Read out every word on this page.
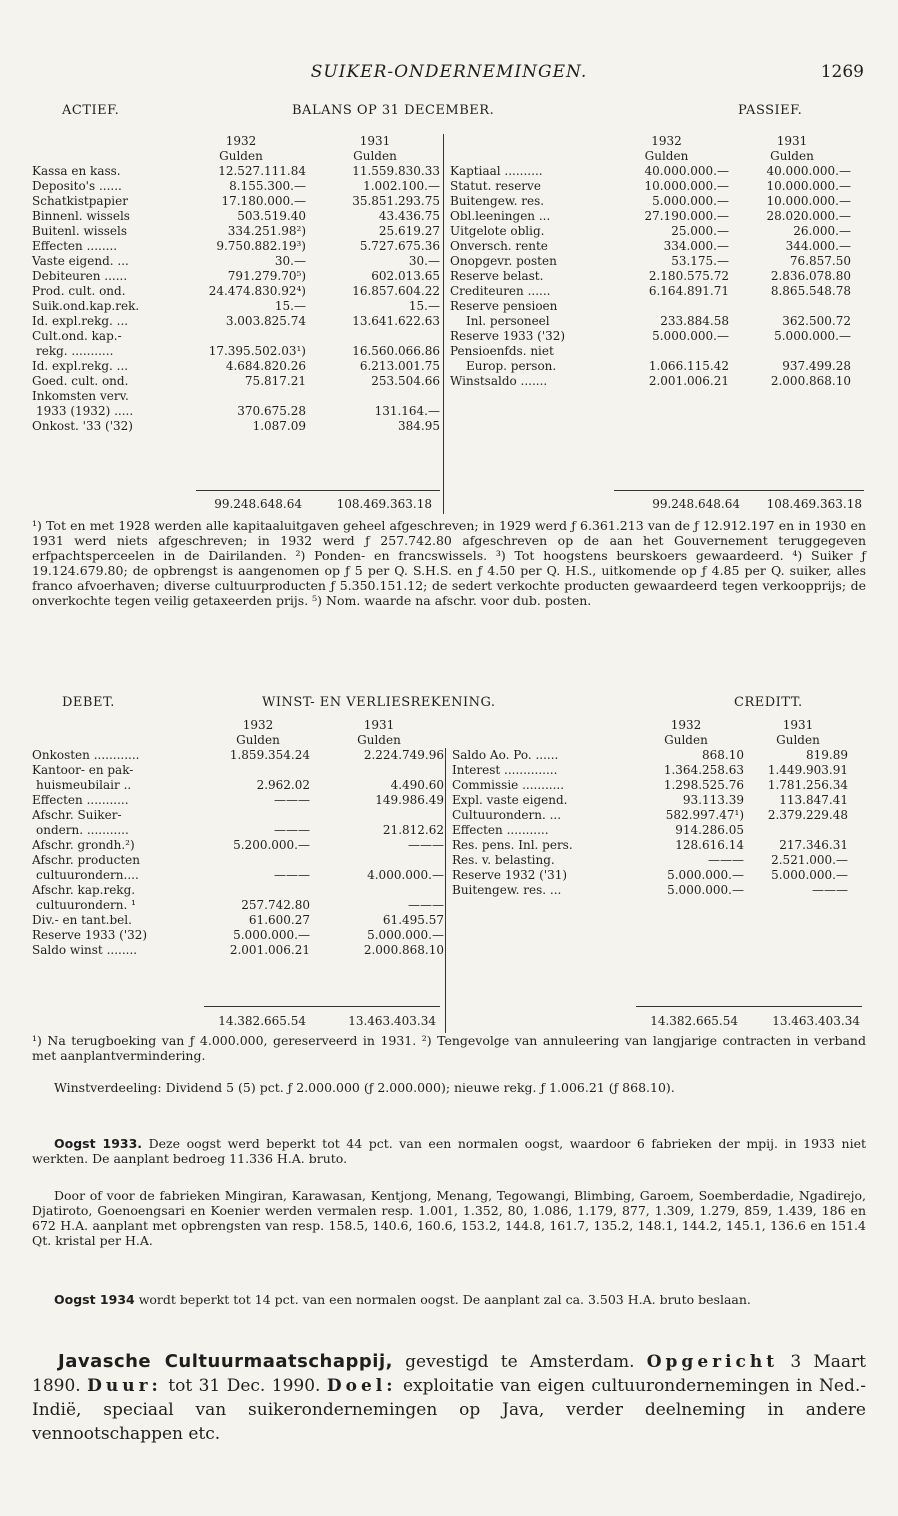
SUIKER-ONDERNEMINGEN.	1269
ACTIEF.	BALANS OP 31 DECEMBER.	PASSIEF.
	1932	1931
	Gulden	Gulden
Kassa en kass.	12.527.111.84	11.559.830.33
Deposito's ......	8.155.300.—	1.002.100.—
Schatkistpapier	17.180.000.—	35.851.293.75
Binnenl. wissels	503.519.40	43.436.75
Buitenl. wissels	334.251.98²)	25.619.27
Effecten ........	9.750.882.19³)	5.727.675.36
Vaste eigend. ...	30.—	30.—
Debiteuren ......	791.279.70⁵)	602.013.65
Prod. cult. ond.	24.474.830.92⁴)	16.857.604.22
Suik.ond.kap.rek.	15.—	15.—
Id. expl.rekg. ...	3.003.825.74	13.641.622.63
Cult.ond. kap.-		
rekg. ...........	17.395.502.03¹)	16.560.066.86
Id. expl.rekg. ...	4.684.820.26	6.213.001.75
Goed. cult. ond.	75.817.21	253.504.66
Inkomsten verv.		
1933 (1932) .....	370.675.28	131.164.—
Onkost. '33 ('32)	1.087.09	384.95
	1932	1931
	Gulden	Gulden
Kaptiaal ..........	40.000.000.—	40.000.000.—
Statut. reserve	10.000.000.—	10.000.000.—
Buitengew. res.	5.000.000.—	10.000.000.—
Obl.leeningen ...	27.190.000.—	28.020.000.—
Uitgelote oblig.	25.000.—	26.000.—
Onversch. rente	334.000.—	344.000.—
Onopgevr. posten	53.175.—	76.857.50
Reserve belast.	2.180.575.72	2.836.078.80
Crediteuren ......	6.164.891.71	8.865.548.78
Reserve pensioen		
Inl. personeel	233.884.58	362.500.72
Reserve 1933 ('32)	5.000.000.—	5.000.000.—
Pensioenfds. niet		
Europ. person.	1.066.115.42	937.499.28
Winstsaldo .......	2.001.006.21	2.000.868.10
99.248.648.64	108.469.363.18	99.248.648.64	108.469.363.18

¹) Tot en met 1928 werden alle kapitaaluitgaven geheel afgeschreven; in 1929 werd ƒ 6.361.213 van de ƒ 12.912.197 en in 1930 en 1931 werd niets afgeschreven; in 1932 werd ƒ 257.742.80 afgeschreven op de aan het Gouvernement teruggegeven erfpachtsperceelen in de Dairilanden. ²) Ponden- en francswissels. ³) Tot hoogstens beurskoers gewaardeerd. ⁴) Suiker ƒ 19.124.679.80; de opbrengst is aangenomen op ƒ 5 per Q. S.H.S. en ƒ 4.50 per Q. H.S., uitkomende op ƒ 4.85 per Q. suiker, alles franco afvoerhaven; diverse cultuurproducten ƒ 5.350.151.12; de sedert verkochte producten gewaardeerd tegen verkoopprijs; de onverkochte tegen veilig getaxeerden prijs. ⁵) Nom. waarde na afschr. voor dub. posten.

DEBET.	WINST- EN VERLIESREKENING.	CREDITT.
	1932	1931
	Gulden	Gulden
Onkosten ............	1.859.354.24	2.224.749.96
Kantoor- en pak-		
huismeubilair ..	2.962.02	4.490.60
Effecten ...........	———	149.986.49
Afschr. Suiker-		
ondern. ...........	———	21.812.62
Afschr. grondh.²)	5.200.000.—	———
Afschr. producten		
cultuurondern....	———	4.000.000.—
Afschr. kap.rekg.		
cultuurondern. ¹	257.742.80	———
Div.- en tant.bel.	61.600.27	61.495.57
Reserve 1933 ('32)	5.000.000.—	5.000.000.—
Saldo winst ........	2.001.006.21	2.000.868.10
	1932	1931
	Gulden	Gulden
Saldo Ao. Po. ......	868.10	819.89
Interest ..............	1.364.258.63	1.449.903.91
Commissie ...........	1.298.525.76	1.781.256.34
Expl. vaste eigend.	93.113.39	113.847.41
Cultuurondern. ...	582.997.47¹)	2.379.229.48
Effecten ...........	914.286.05	
Res. pens. Inl. pers.	128.616.14	217.346.31
Res. v. belasting.	———	2.521.000.—
Reserve 1932 ('31)	5.000.000.—	5.000.000.—
Buitengew. res. ...	5.000.000.—	———
14.382.665.54	13.463.403.34	14.382.665.54	13.463.403.34

¹) Na terugboeking van ƒ 4.000.000, gereserveerd in 1931. ²) Tengevolge van annuleering van langjarige contracten in verband met aanplantvermindering.

Winstverdeeling: Dividend 5 (5) pct. ƒ 2.000.000 (ƒ 2.000.000); nieuwe rekg. ƒ 1.006.21 (ƒ 868.10).

Oogst 1933. Deze oogst werd beperkt tot 44 pct. van een normalen oogst, waardoor 6 fabrieken der mpij. in 1933 niet werkten. De aanplant bedroeg 11.336 H.A. bruto.

Door of voor de fabrieken Mingiran, Karawasan, Kentjong, Menang, Tegowangi, Blimbing, Garoem, Soemberdadie, Ngadirejo, Djatiroto, Goenoengsari en Koenier werden vermalen resp. 1.001, 1.352, 80, 1.086, 1.179, 877, 1.309, 1.279, 859, 1.439, 186 en 672 H.A. aanplant met opbrengsten van resp. 158.5, 140.6, 160.6, 153.2, 144.8, 161.7, 135.2, 148.1, 144.2, 145.1, 136.6 en 151.4 Qt. kristal per H.A.

Oogst 1934 wordt beperkt tot 14 pct. van een normalen oogst. De aanplant zal ca. 3.503 H.A. bruto beslaan.

Javasche Cultuurmaatschappij, gevestigd te Amsterdam. Opgericht 3 Maart 1890. Duur: tot 31 Dec. 1990. Doel: exploitatie van eigen cultuurondernemingen in Ned.-Indië, speciaal van suikerondernemingen op Java, verder deelneming in andere vennootschappen etc.
